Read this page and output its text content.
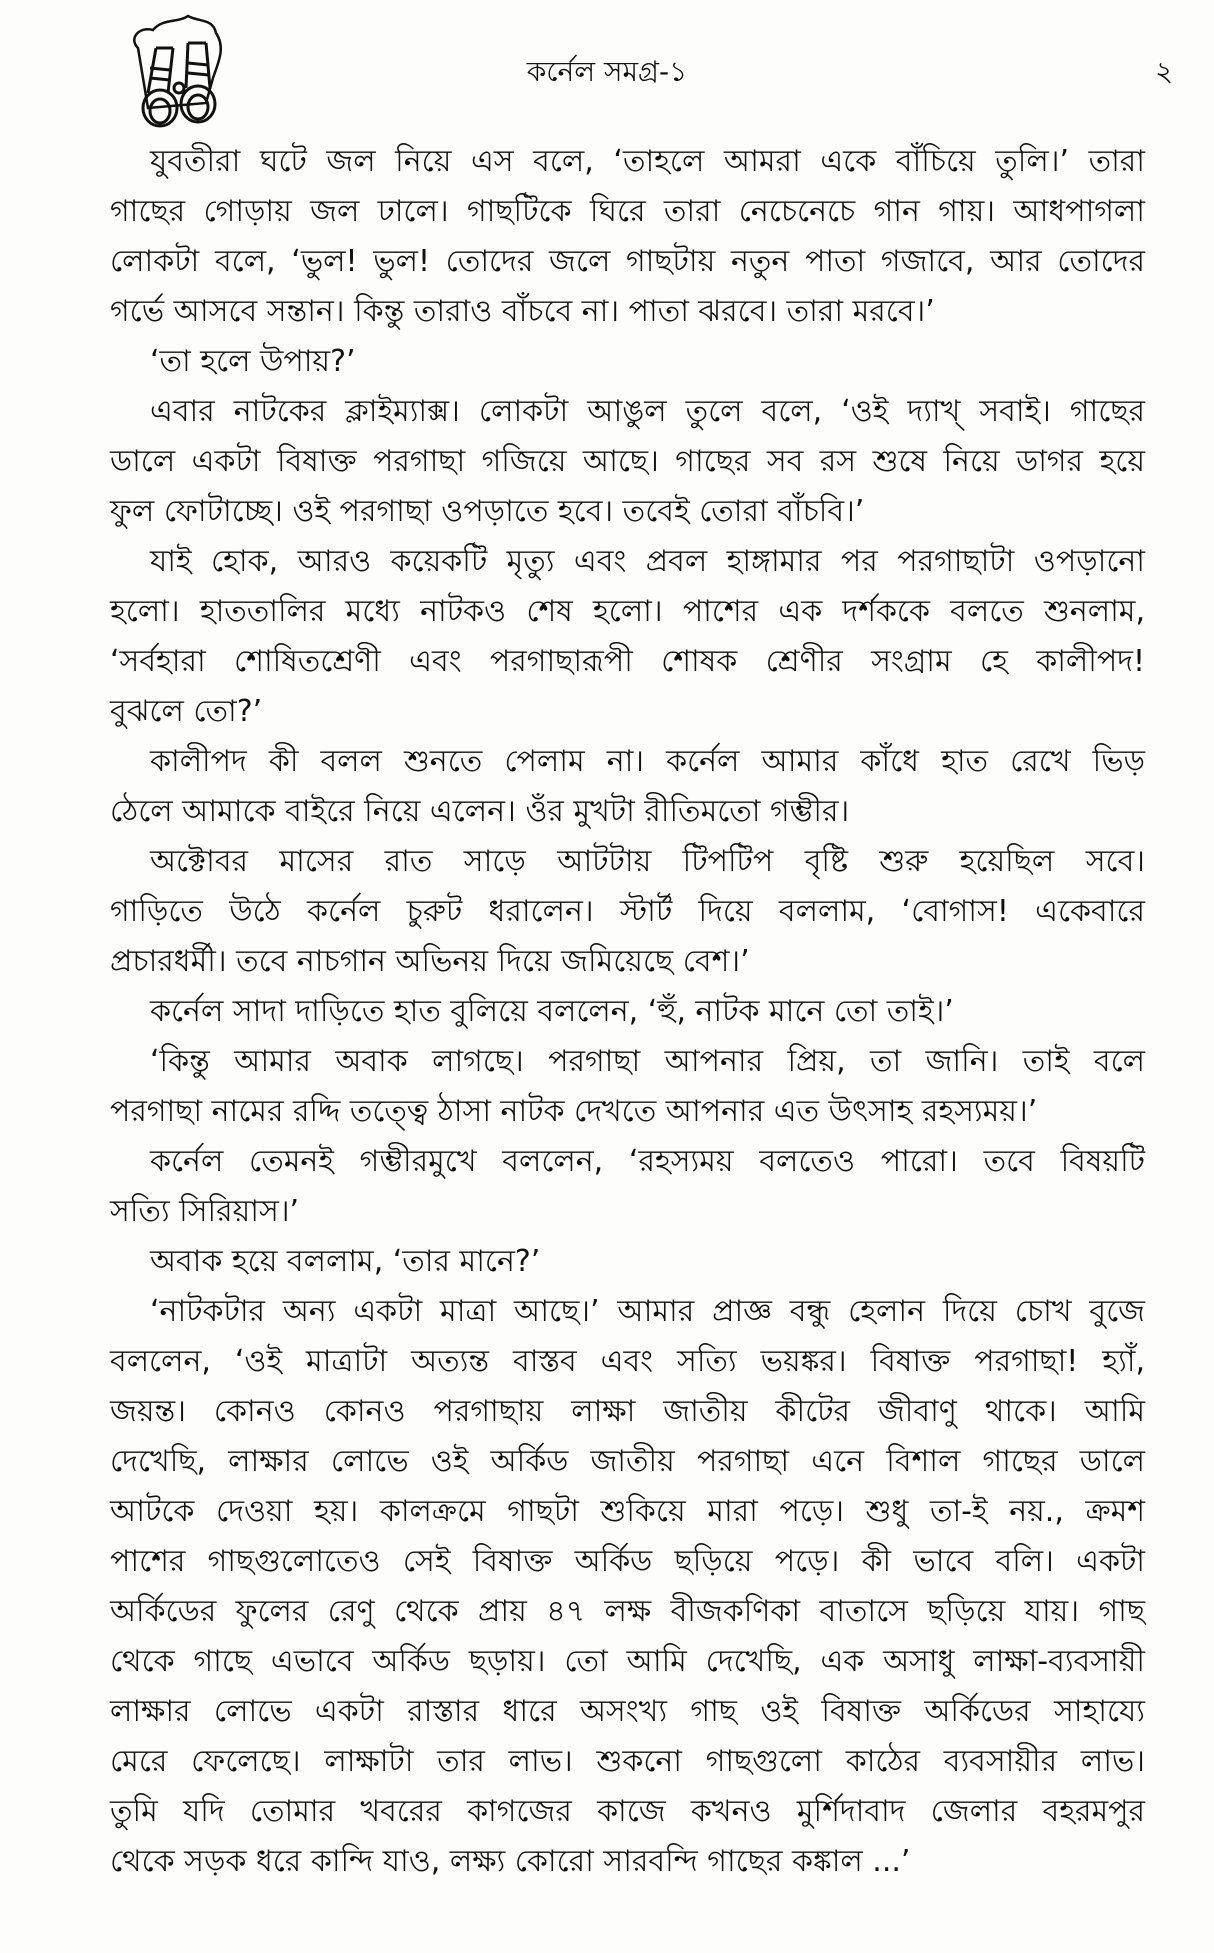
কর্নেল সমগ্র-১	২
যুবতীরা ঘটে জল নিয়ে এস বলে, ‘তাহলে আমরা একে বাঁচিয়ে তুলি।’ তারা
গাছের গোড়ায় জল ঢালে। গাছটিকে ঘিরে তারা নেচেনেচে গান গায়। আধপাগলা
লোকটা বলে, ‘ভুল! ভুল! তোদের জলে গাছটায় নতুন পাতা গজাবে, আর তোদের
গর্ভে আসবে সন্তান। কিন্তু তারাও বাঁচবে না। পাতা ঝরবে। তারা মরবে।’
‘তা হলে উপায়?’
এবার নাটকের ক্লাইম্যাক্স। লোকটা আঙুল তুলে বলে, ‘ওই দ্যাখ্ সবাই। গাছের
ডালে একটা বিষাক্ত পরগাছা গজিয়ে আছে। গাছের সব রস শুষে নিয়ে ডাগর হয়ে
ফুল ফোটাচ্ছে। ওই পরগাছা ওপড়াতে হবে। তবেই তোরা বাঁচবি।’
যাই হোক, আরও কয়েকটি মৃত্যু এবং প্রবল হাঙ্গামার পর পরগাছাটা ওপড়ানো
হলো। হাততালির মধ্যে নাটকও শেষ হলো। পাশের এক দর্শককে বলতে শুনলাম,
‘সর্বহারা শোষিতশ্রেণী এবং পরগাছারূপী শোষক শ্রেণীর সংগ্রাম হে কালীপদ!
বুঝলে তো?’
কালীপদ কী বলল শুনতে পেলাম না। কর্নেল আমার কাঁধে হাত রেখে ভিড়
ঠেলে আমাকে বাইরে নিয়ে এলেন। ওঁর মুখটা রীতিমতো গম্ভীর।
অক্টোবর মাসের রাত সাড়ে আটটায় টিপটিপ বৃষ্টি শুরু হয়েছিল সবে।
গাড়িতে উঠে কর্নেল চুরুট ধরালেন। স্টার্ট দিয়ে বললাম, ‘বোগাস! একেবারে
প্রচারধর্মী। তবে নাচগান অভিনয় দিয়ে জমিয়েছে বেশ।’
কর্নেল সাদা দাড়িতে হাত বুলিয়ে বললেন, ‘হুঁ, নাটক মানে তো তাই।’
‘কিন্তু আমার অবাক লাগছে। পরগাছা আপনার প্রিয়, তা জানি। তাই বলে
পরগাছা নামের রদ্দি তত্ত্বে ঠাসা নাটক দেখতে আপনার এত উৎসাহ রহস্যময়।’
কর্নেল তেমনই গম্ভীরমুখে বললেন, ‘রহস্যময় বলতেও পারো। তবে বিষয়টি
সত্যি সিরিয়াস।’
অবাক হয়ে বললাম, ‘তার মানে?’
‘নাটকটার অন্য একটা মাত্রা আছে।’ আমার প্রাজ্ঞ বন্ধু হেলান দিয়ে চোখ বুজে
বললেন, ‘ওই মাত্রাটা অত্যন্ত বাস্তব এবং সত্যি ভয়ঙ্কর। বিষাক্ত পরগাছা! হ্যাঁ,
জয়ন্ত। কোনও কোনও পরগাছায় লাক্ষা জাতীয় কীটের জীবাণু থাকে। আমি
দেখেছি, লাক্ষার লোভে ওই অর্কিড জাতীয় পরগাছা এনে বিশাল গাছের ডালে
আটকে দেওয়া হয়। কালক্রমে গাছটা শুকিয়ে মারা পড়ে। শুধু তা-ই নয়., ক্রমশ
পাশের গাছগুলোতেও সেই বিষাক্ত অর্কিড ছড়িয়ে পড়ে। কী ভাবে বলি। একটা
অর্কিডের ফুলের রেণু থেকে প্রায় ৪৭ লক্ষ বীজকণিকা বাতাসে ছড়িয়ে যায়। গাছ
থেকে গাছে এভাবে অর্কিড ছড়ায়। তো আমি দেখেছি, এক অসাধু লাক্ষা-ব্যবসায়ী
লাক্ষার লোভে একটা রাস্তার ধারে অসংখ্য গাছ ওই বিষাক্ত অর্কিডের সাহায্যে
মেরে ফেলেছে। লাক্ষাটা তার লাভ। শুকনো গাছগুলো কাঠের ব্যবসায়ীর লাভ।
তুমি যদি তোমার খবরের কাগজের কাজে কখনও মুর্শিদাবাদ জেলার বহরমপুর
থেকে সড়ক ধরে কান্দি যাও, লক্ষ্য কোরো সারবন্দি গাছের কঙ্কাল ...’
